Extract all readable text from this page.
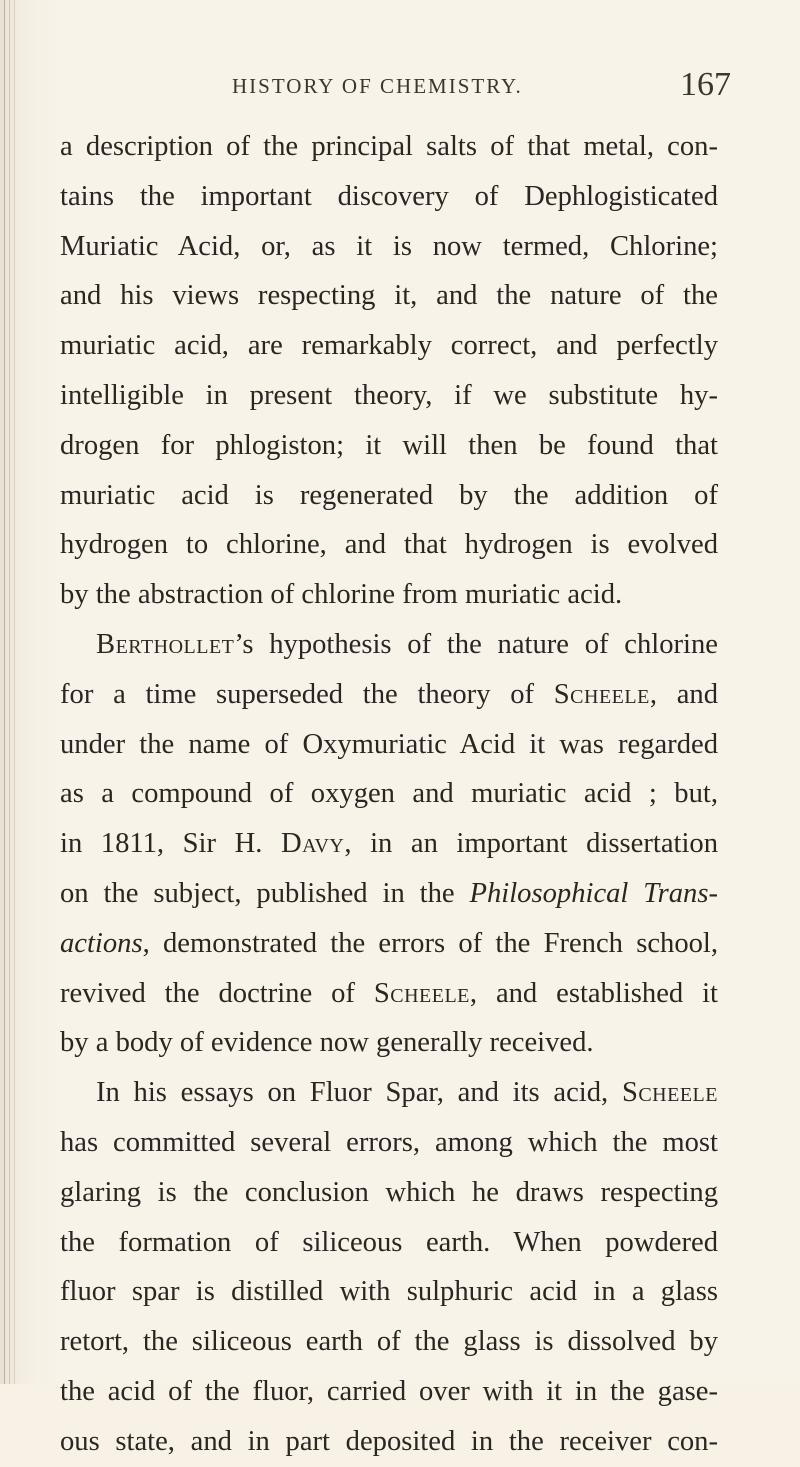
HISTORY OF CHEMISTRY.	167
a description of the principal salts of that metal, con-
tains the important discovery of Dephlogisticated
Muriatic Acid, or, as it is now termed, Chlorine;
and his views respecting it, and the nature of the
muriatic acid, are remarkably correct, and perfectly
intelligible in present theory, if we substitute hy-
drogen for phlogiston; it will then be found that
muriatic acid is regenerated by the addition of
hydrogen to chlorine, and that hydrogen is evolved
by the abstraction of chlorine from muriatic acid.
Berthollet’s hypothesis of the nature of chlorine
for a time superseded the theory of Scheele, and
under the name of Oxymuriatic Acid it was regarded
as a compound of oxygen and muriatic acid ; but,
in 1811, Sir H. Davy, in an important dissertation
on the subject, published in the Philosophical Trans-
actions, demonstrated the errors of the French school,
revived the doctrine of Scheele, and established it
by a body of evidence now generally received.
In his essays on Fluor Spar, and its acid, Scheele
has committed several errors, among which the most
glaring is the conclusion which he draws respecting
the formation of siliceous earth. When powdered
fluor spar is distilled with sulphuric acid in a glass
retort, the siliceous earth of the glass is dissolved by
the acid of the fluor, carried over with it in the gase-
ous state, and in part deposited in the receiver con-
